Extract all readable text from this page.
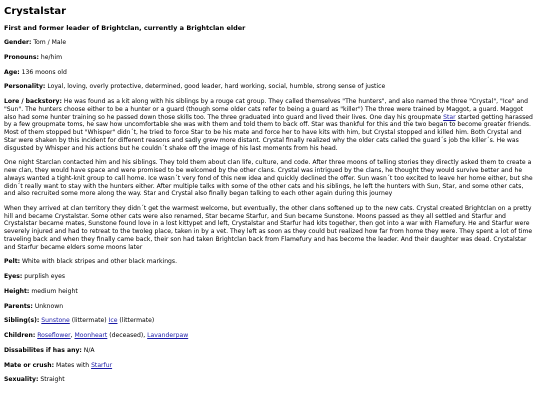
Crystalstar

First and former leader of Brightclan, currently a Brightclan elder

Gender: Tom / Male

Pronouns: he/him

Age: 136 moons old

Personality: Loyal, loving, overly protective, determined, good leader, hard working, social, humble, strong sense of justice

Lore / backstory: He was found as a kit along with his siblings by a rouge cat group. They called themselves "The hunters", and also named the three "Crystal", "Ice" and "Sun". The hunters choose either to be a hunter or a guard (though some older cats refer to being a guard as "killer") The three were trained by Maggot, a guard. Maggot also had some hunter training so he passed down those skills too. The three graduated into guard and lived their lives. One day his groupmate Star started getting harassed by a few groupmate toms, he saw how uncomfortable she was with them and told them to back off. Star was thankful for this and the two began to become greater friends. Most of them stopped but "Whisper" didn´t, he tried to force Star to be his mate and force her to have kits with him, but Crystal stopped and killed him. Both Crystal and Star were shaken by this incident for different reasons and sadly grew more distant. Crystal finally realized why the older cats called the guard´s job the killer´s. He was disgusted by Whisper and his actions but he couldn´t shake off the image of his last moments from his head.

One night Starclan contacted him and his siblings. They told them about clan life, culture, and code. After three moons of telling stories they directly asked them to create a new clan, they would have space and were promised to be welcomed by the other clans. Crystal was intrigued by the clans, he thought they would survive better and he always wanted a tight-knit group to call home. Ice wasn´t very fond of this new idea and quickly declined the offer. Sun wasn´t too excited to leave her home either, but she didn´t really want to stay with the hunters either. After multiple talks with some of the other cats and his siblings, he left the hunters with Sun, Star, and some other cats, and also recruited some more along the way. Star and Crystal also finally began talking to each other again during this journey

When they arrived at clan territory they didn´t get the warmest welcome, but eventually, the other clans softened up to the new cats. Crystal created Brightclan on a pretty hill and became Crystalstar. Some other cats were also renamed, Star became Starfur, and Sun became Sunstone. Moons passed as they all settled and Starfur and Crystalstar became mates, Sunstone found love in a lost kittypet and left, Crystalstar and Starfur had kits together, then got into a war with Flamefury. He and Starfur were severely injured and had to retreat to the twoleg place, taken in by a vet. They left as soon as they could but realized how far from home they were. They spent a lot of time traveling back and when they finally came back, their son had taken Brightclan back from Flamefury and has become the leader. And their daughter was dead. Crystalstar and Starfur became elders some moons later

Pelt: White with black stripes and other black markings.

Eyes: purplish eyes

Height: medium height

Parents: Unknown

Sibling(s): Sunstone (littermate) Ice (littermate)

Children: Roseflower, Moonheart (deceased), Lavanderpaw

Dissabilites if has any: N/A

Mate or crush: Mates with Starfur

Sexuality: Straight
